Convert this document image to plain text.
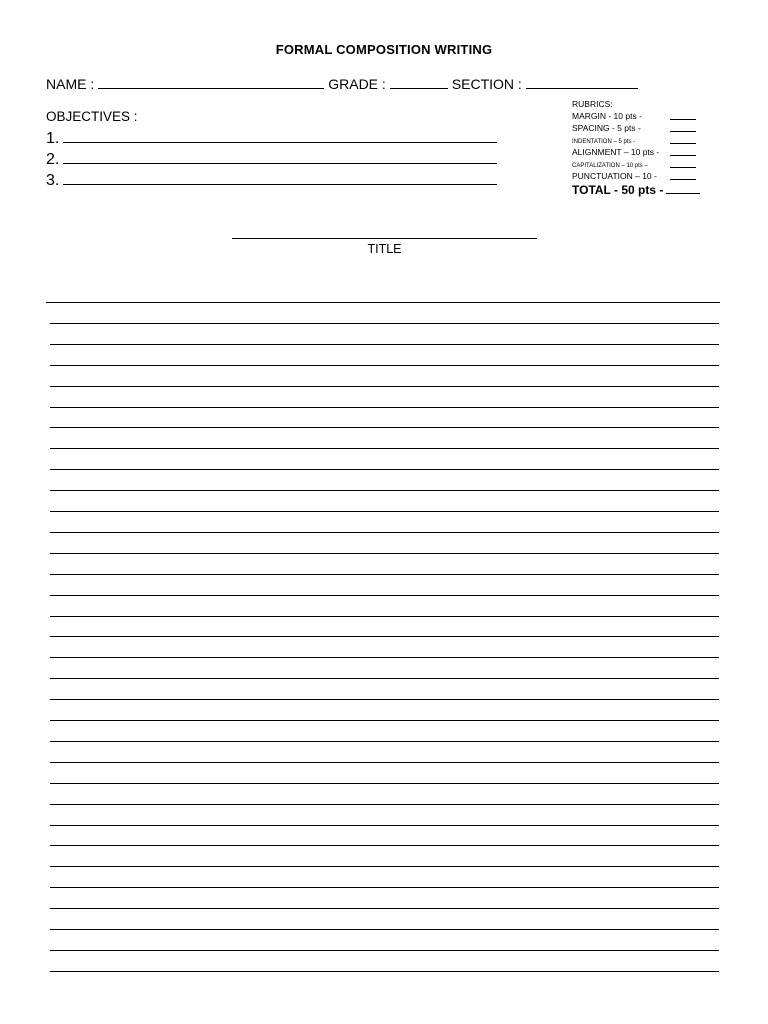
FORMAL COMPOSITION WRITING
NAME :	GRADE :	SECTION :
OBJECTIVES :
1.
2.
3.
RUBRICS:
MARGIN - 10 pts -
SPACING - 5 pts -
INDENTATION – 5 pts -
ALIGNMENT – 10 pts -
CAPITALIZATION – 10 pts –
PUNCTUATION – 10 -
TOTAL - 50 pts -
TITLE
